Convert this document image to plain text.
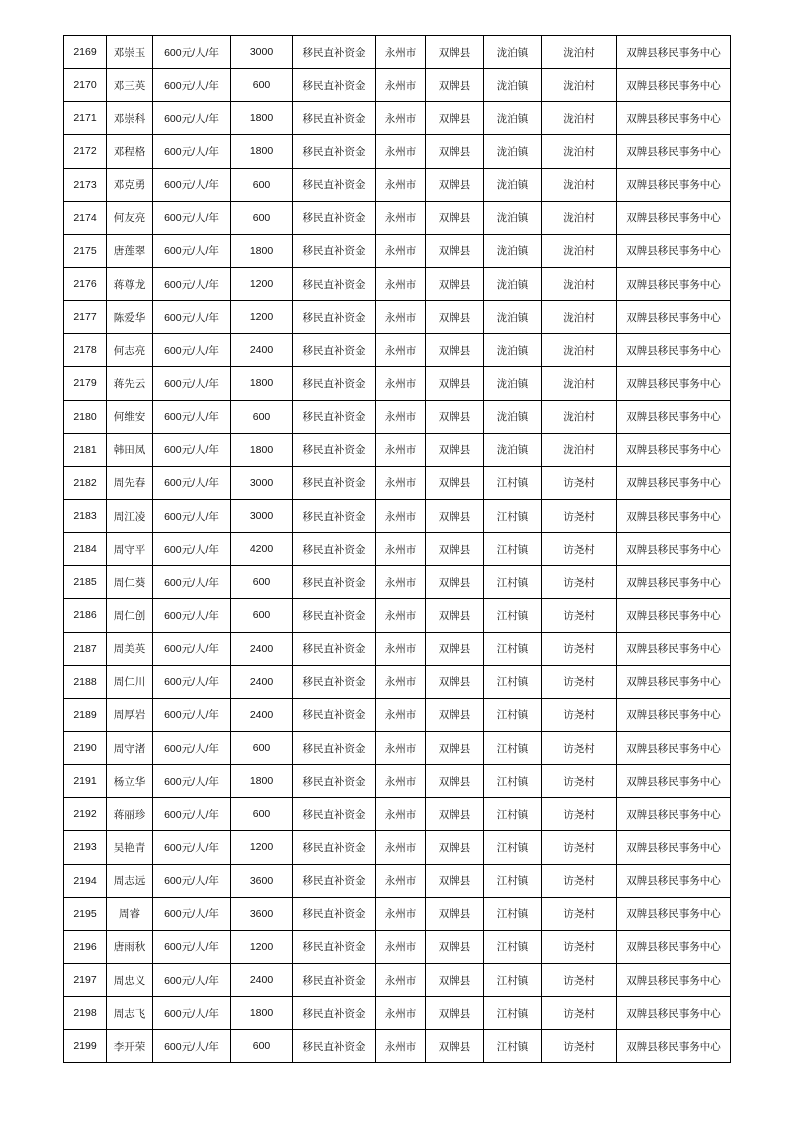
2169	邓崇玉	600元/人/年	3000	移民直补资金	永州市	双牌县	泷泊镇	泷泊村	双牌县移民事务中心
2170	邓三英	600元/人/年	600	移民直补资金	永州市	双牌县	泷泊镇	泷泊村	双牌县移民事务中心
2171	邓崇科	600元/人/年	1800	移民直补资金	永州市	双牌县	泷泊镇	泷泊村	双牌县移民事务中心
2172	邓程格	600元/人/年	1800	移民直补资金	永州市	双牌县	泷泊镇	泷泊村	双牌县移民事务中心
2173	邓克勇	600元/人/年	600	移民直补资金	永州市	双牌县	泷泊镇	泷泊村	双牌县移民事务中心
2174	何友亮	600元/人/年	600	移民直补资金	永州市	双牌县	泷泊镇	泷泊村	双牌县移民事务中心
2175	唐莲翠	600元/人/年	1800	移民直补资金	永州市	双牌县	泷泊镇	泷泊村	双牌县移民事务中心
2176	蒋尊龙	600元/人/年	1200	移民直补资金	永州市	双牌县	泷泊镇	泷泊村	双牌县移民事务中心
2177	陈爱华	600元/人/年	1200	移民直补资金	永州市	双牌县	泷泊镇	泷泊村	双牌县移民事务中心
2178	何志亮	600元/人/年	2400	移民直补资金	永州市	双牌县	泷泊镇	泷泊村	双牌县移民事务中心
2179	蒋先云	600元/人/年	1800	移民直补资金	永州市	双牌县	泷泊镇	泷泊村	双牌县移民事务中心
2180	何维安	600元/人/年	600	移民直补资金	永州市	双牌县	泷泊镇	泷泊村	双牌县移民事务中心
2181	韩田凤	600元/人/年	1800	移民直补资金	永州市	双牌县	泷泊镇	泷泊村	双牌县移民事务中心
2182	周先春	600元/人/年	3000	移民直补资金	永州市	双牌县	江村镇	访尧村	双牌县移民事务中心
2183	周江凌	600元/人/年	3000	移民直补资金	永州市	双牌县	江村镇	访尧村	双牌县移民事务中心
2184	周守平	600元/人/年	4200	移民直补资金	永州市	双牌县	江村镇	访尧村	双牌县移民事务中心
2185	周仁葵	600元/人/年	600	移民直补资金	永州市	双牌县	江村镇	访尧村	双牌县移民事务中心
2186	周仁创	600元/人/年	600	移民直补资金	永州市	双牌县	江村镇	访尧村	双牌县移民事务中心
2187	周美英	600元/人/年	2400	移民直补资金	永州市	双牌县	江村镇	访尧村	双牌县移民事务中心
2188	周仁川	600元/人/年	2400	移民直补资金	永州市	双牌县	江村镇	访尧村	双牌县移民事务中心
2189	周厚岩	600元/人/年	2400	移民直补资金	永州市	双牌县	江村镇	访尧村	双牌县移民事务中心
2190	周守渚	600元/人/年	600	移民直补资金	永州市	双牌县	江村镇	访尧村	双牌县移民事务中心
2191	杨立华	600元/人/年	1800	移民直补资金	永州市	双牌县	江村镇	访尧村	双牌县移民事务中心
2192	蒋丽珍	600元/人/年	600	移民直补资金	永州市	双牌县	江村镇	访尧村	双牌县移民事务中心
2193	吴艳青	600元/人/年	1200	移民直补资金	永州市	双牌县	江村镇	访尧村	双牌县移民事务中心
2194	周志远	600元/人/年	3600	移民直补资金	永州市	双牌县	江村镇	访尧村	双牌县移民事务中心
2195	周睿	600元/人/年	3600	移民直补资金	永州市	双牌县	江村镇	访尧村	双牌县移民事务中心
2196	唐雨秋	600元/人/年	1200	移民直补资金	永州市	双牌县	江村镇	访尧村	双牌县移民事务中心
2197	周忠义	600元/人/年	2400	移民直补资金	永州市	双牌县	江村镇	访尧村	双牌县移民事务中心
2198	周志飞	600元/人/年	1800	移民直补资金	永州市	双牌县	江村镇	访尧村	双牌县移民事务中心
2199	李开荣	600元/人/年	600	移民直补资金	永州市	双牌县	江村镇	访尧村	双牌县移民事务中心
